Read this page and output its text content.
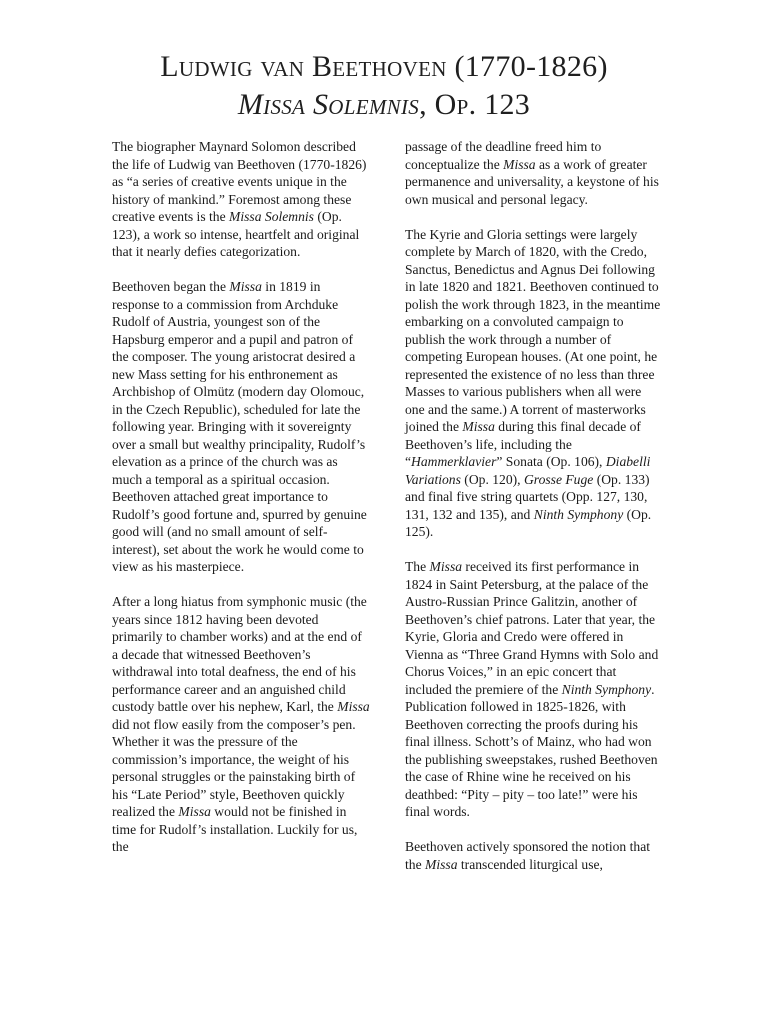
Ludwig van Beethoven (1770-1826)
Missa Solemnis, Op. 123

The biographer Maynard Solomon described the life of Ludwig van Beethoven (1770-1826) as “a series of creative events unique in the history of mankind.” Foremost among these creative events is the Missa Solemnis (Op. 123), a work so intense, heartfelt and original that it nearly defies categorization.

Beethoven began the Missa in 1819 in response to a commission from Archduke Rudolf of Austria, youngest son of the Hapsburg emperor and a pupil and patron of the composer. The young aristocrat desired a new Mass setting for his enthronement as Archbishop of Olmütz (modern day Olomouc, in the Czech Republic), scheduled for late the following year. Bringing with it sovereignty over a small but wealthy principality, Rudolf’s elevation as a prince of the church was as much a temporal as a spiritual occasion. Beethoven attached great importance to Rudolf’s good fortune and, spurred by genuine good will (and no small amount of self-interest), set about the work he would come to view as his masterpiece.

After a long hiatus from symphonic music (the years since 1812 having been devoted primarily to chamber works) and at the end of a decade that witnessed Beethoven’s withdrawal into total deafness, the end of his performance career and an anguished child custody battle over his nephew, Karl, the Missa did not flow easily from the composer’s pen. Whether it was the pressure of the commission’s importance, the weight of his personal struggles or the painstaking birth of his “Late Period” style, Beethoven quickly realized the Missa would not be finished in time for Rudolf’s installation. Luckily for us, the

passage of the deadline freed him to conceptualize the Missa as a work of greater permanence and universality, a keystone of his own musical and personal legacy.

The Kyrie and Gloria settings were largely complete by March of 1820, with the Credo, Sanctus, Benedictus and Agnus Dei following in late 1820 and 1821. Beethoven continued to polish the work through 1823, in the meantime embarking on a convoluted campaign to publish the work through a number of competing European houses. (At one point, he represented the existence of no less than three Masses to various publishers when all were one and the same.) A torrent of masterworks joined the Missa during this final decade of Beethoven’s life, including the “Hammerklavier” Sonata (Op. 106), Diabelli Variations (Op. 120), Grosse Fuge (Op. 133) and final five string quartets (Opp. 127, 130, 131, 132 and 135), and Ninth Symphony (Op. 125).

The Missa received its first performance in 1824 in Saint Petersburg, at the palace of the Austro-Russian Prince Galitzin, another of Beethoven’s chief patrons. Later that year, the Kyrie, Gloria and Credo were offered in Vienna as “Three Grand Hymns with Solo and Chorus Voices,” in an epic concert that included the premiere of the Ninth Symphony. Publication followed in 1825-1826, with Beethoven correcting the proofs during his final illness. Schott’s of Mainz, who had won the publishing sweepstakes, rushed Beethoven the case of Rhine wine he received on his deathbed: “Pity – pity – too late!” were his final words.

Beethoven actively sponsored the notion that the Missa transcended liturgical use,
